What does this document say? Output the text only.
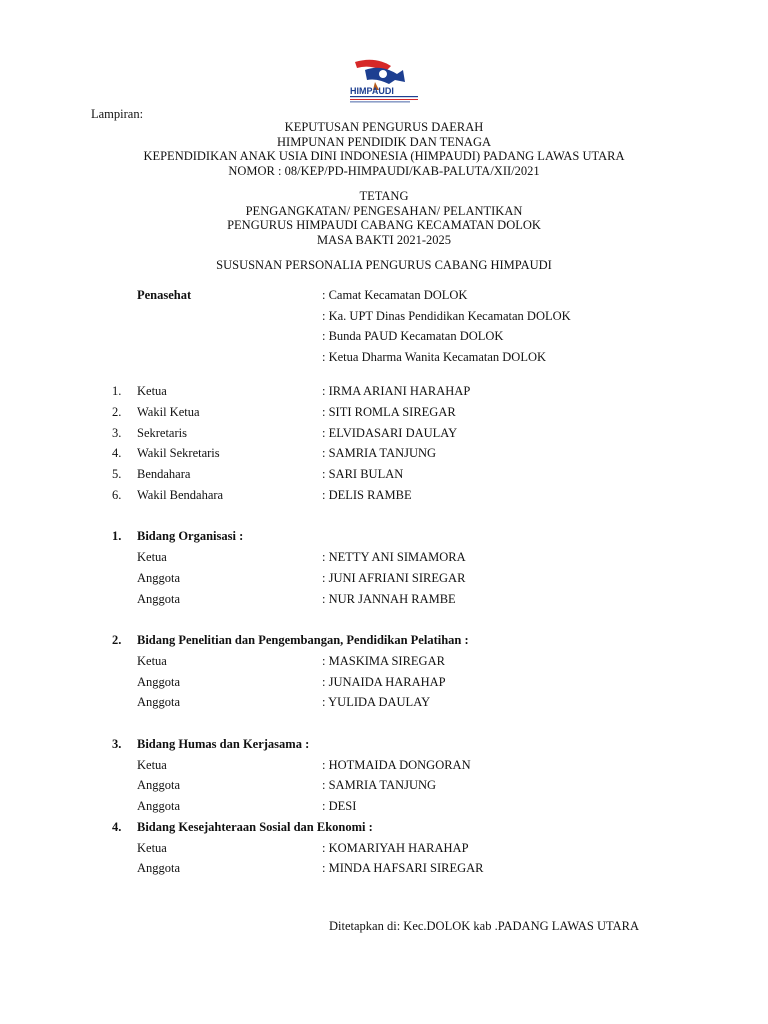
HIMPAUDI
Lampiran:
KEPUTUSAN PENGURUS DAERAH
HIMPUNAN PENDIDIK DAN TENAGA
KEPENDIDIKAN ANAK USIA DINI INDONESIA (HIMPAUDI) PADANG LAWAS UTARA
NOMOR : 08/KEP/PD-HIMPAUDI/KAB-PALUTA/XII/2021
TETANG
PENGANGKATAN/ PENGESAHAN/ PELANTIKAN
PENGURUS HIMPAUDI CABANG KECAMATAN DOLOK
MASA BAKTI 2021-2025
SUSUSNAN PERSONALIA PENGURUS CABANG HIMPAUDI
Penasehat	: Camat Kecamatan DOLOK
: Ka. UPT Dinas Pendidikan Kecamatan DOLOK
: Bunda PAUD Kecamatan DOLOK
: Ketua Dharma Wanita Kecamatan DOLOK
1. Ketua	: IRMA ARIANI HARAHAP
2. Wakil Ketua	: SITI ROMLA SIREGAR
3. Sekretaris	: ELVIDASARI DAULAY
4. Wakil Sekretaris	: SAMRIA TANJUNG
5. Bendahara	: SARI BULAN
6. Wakil Bendahara	: DELIS RAMBE
1. Bidang Organisasi :
Ketua	: NETTY ANI SIMAMORA
Anggota	: JUNI AFRIANI SIREGAR
Anggota	: NUR JANNAH RAMBE
2. Bidang Penelitian dan Pengembangan, Pendidikan Pelatihan :
Ketua	: MASKIMA SIREGAR
Anggota	: JUNAIDA HARAHAP
Anggota	: YULIDA DAULAY
3. Bidang Humas dan Kerjasama :
Ketua	: HOTMAIDA DONGORAN
Anggota	: SAMRIA TANJUNG
Anggota	: DESI
4. Bidang Kesejahteraan Sosial dan Ekonomi :
Ketua	: KOMARIYAH HARAHAP
Anggota	: MINDA HAFSARI SIREGAR
Ditetapkan di: Kec.DOLOK kab .PADANG LAWAS UTARA
